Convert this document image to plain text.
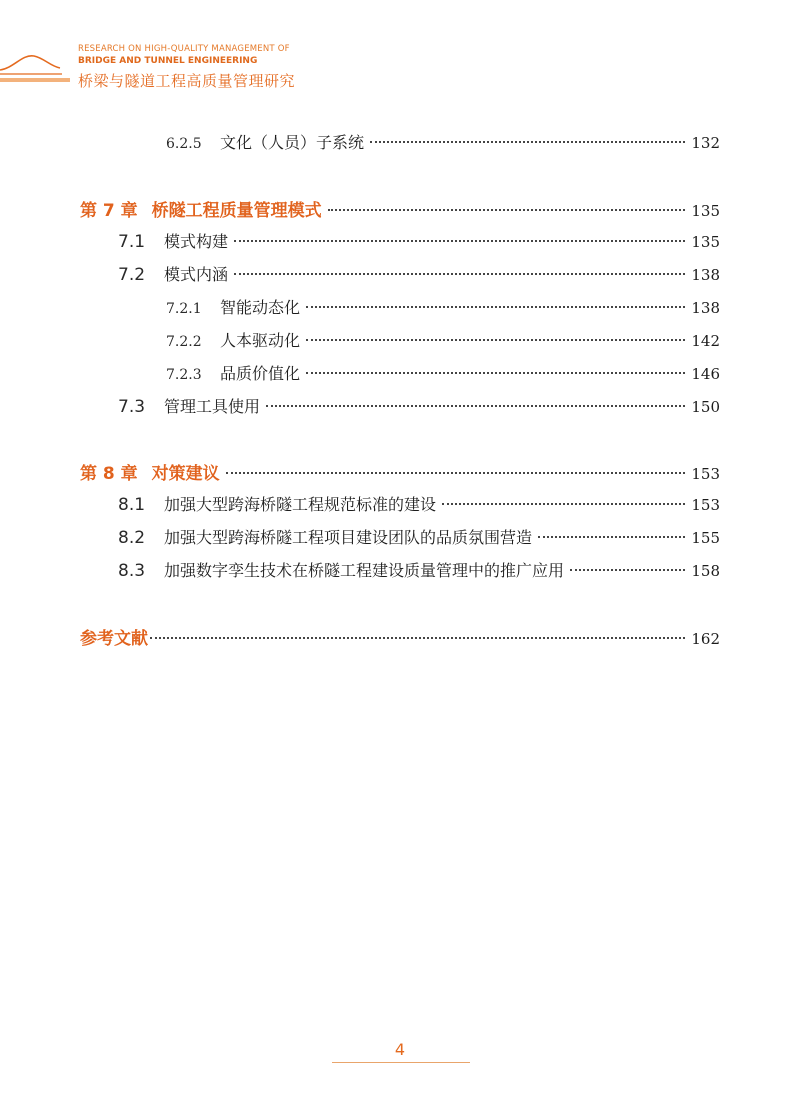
RESEARCH ON HIGH-QUALITY MANAGEMENT OF
BRIDGE AND TUNNEL ENGINEERING
桥梁与隧道工程高质量管理研究
6.2.5	文化（人员）子系统	132
第 7 章 桥隧工程质量管理模式	135
7.1	模式构建	135
7.2	模式内涵	138
7.2.1	智能动态化	138
7.2.2	人本驱动化	142
7.2.3	品质价值化	146
7.3	管理工具使用	150
第 8 章 对策建议	153
8.1	加强大型跨海桥隧工程规范标准的建设	153
8.2	加强大型跨海桥隧工程项目建设团队的品质氛围营造	155
8.3	加强数字孪生技术在桥隧工程建设质量管理中的推广应用	158
参考文献	162
4
